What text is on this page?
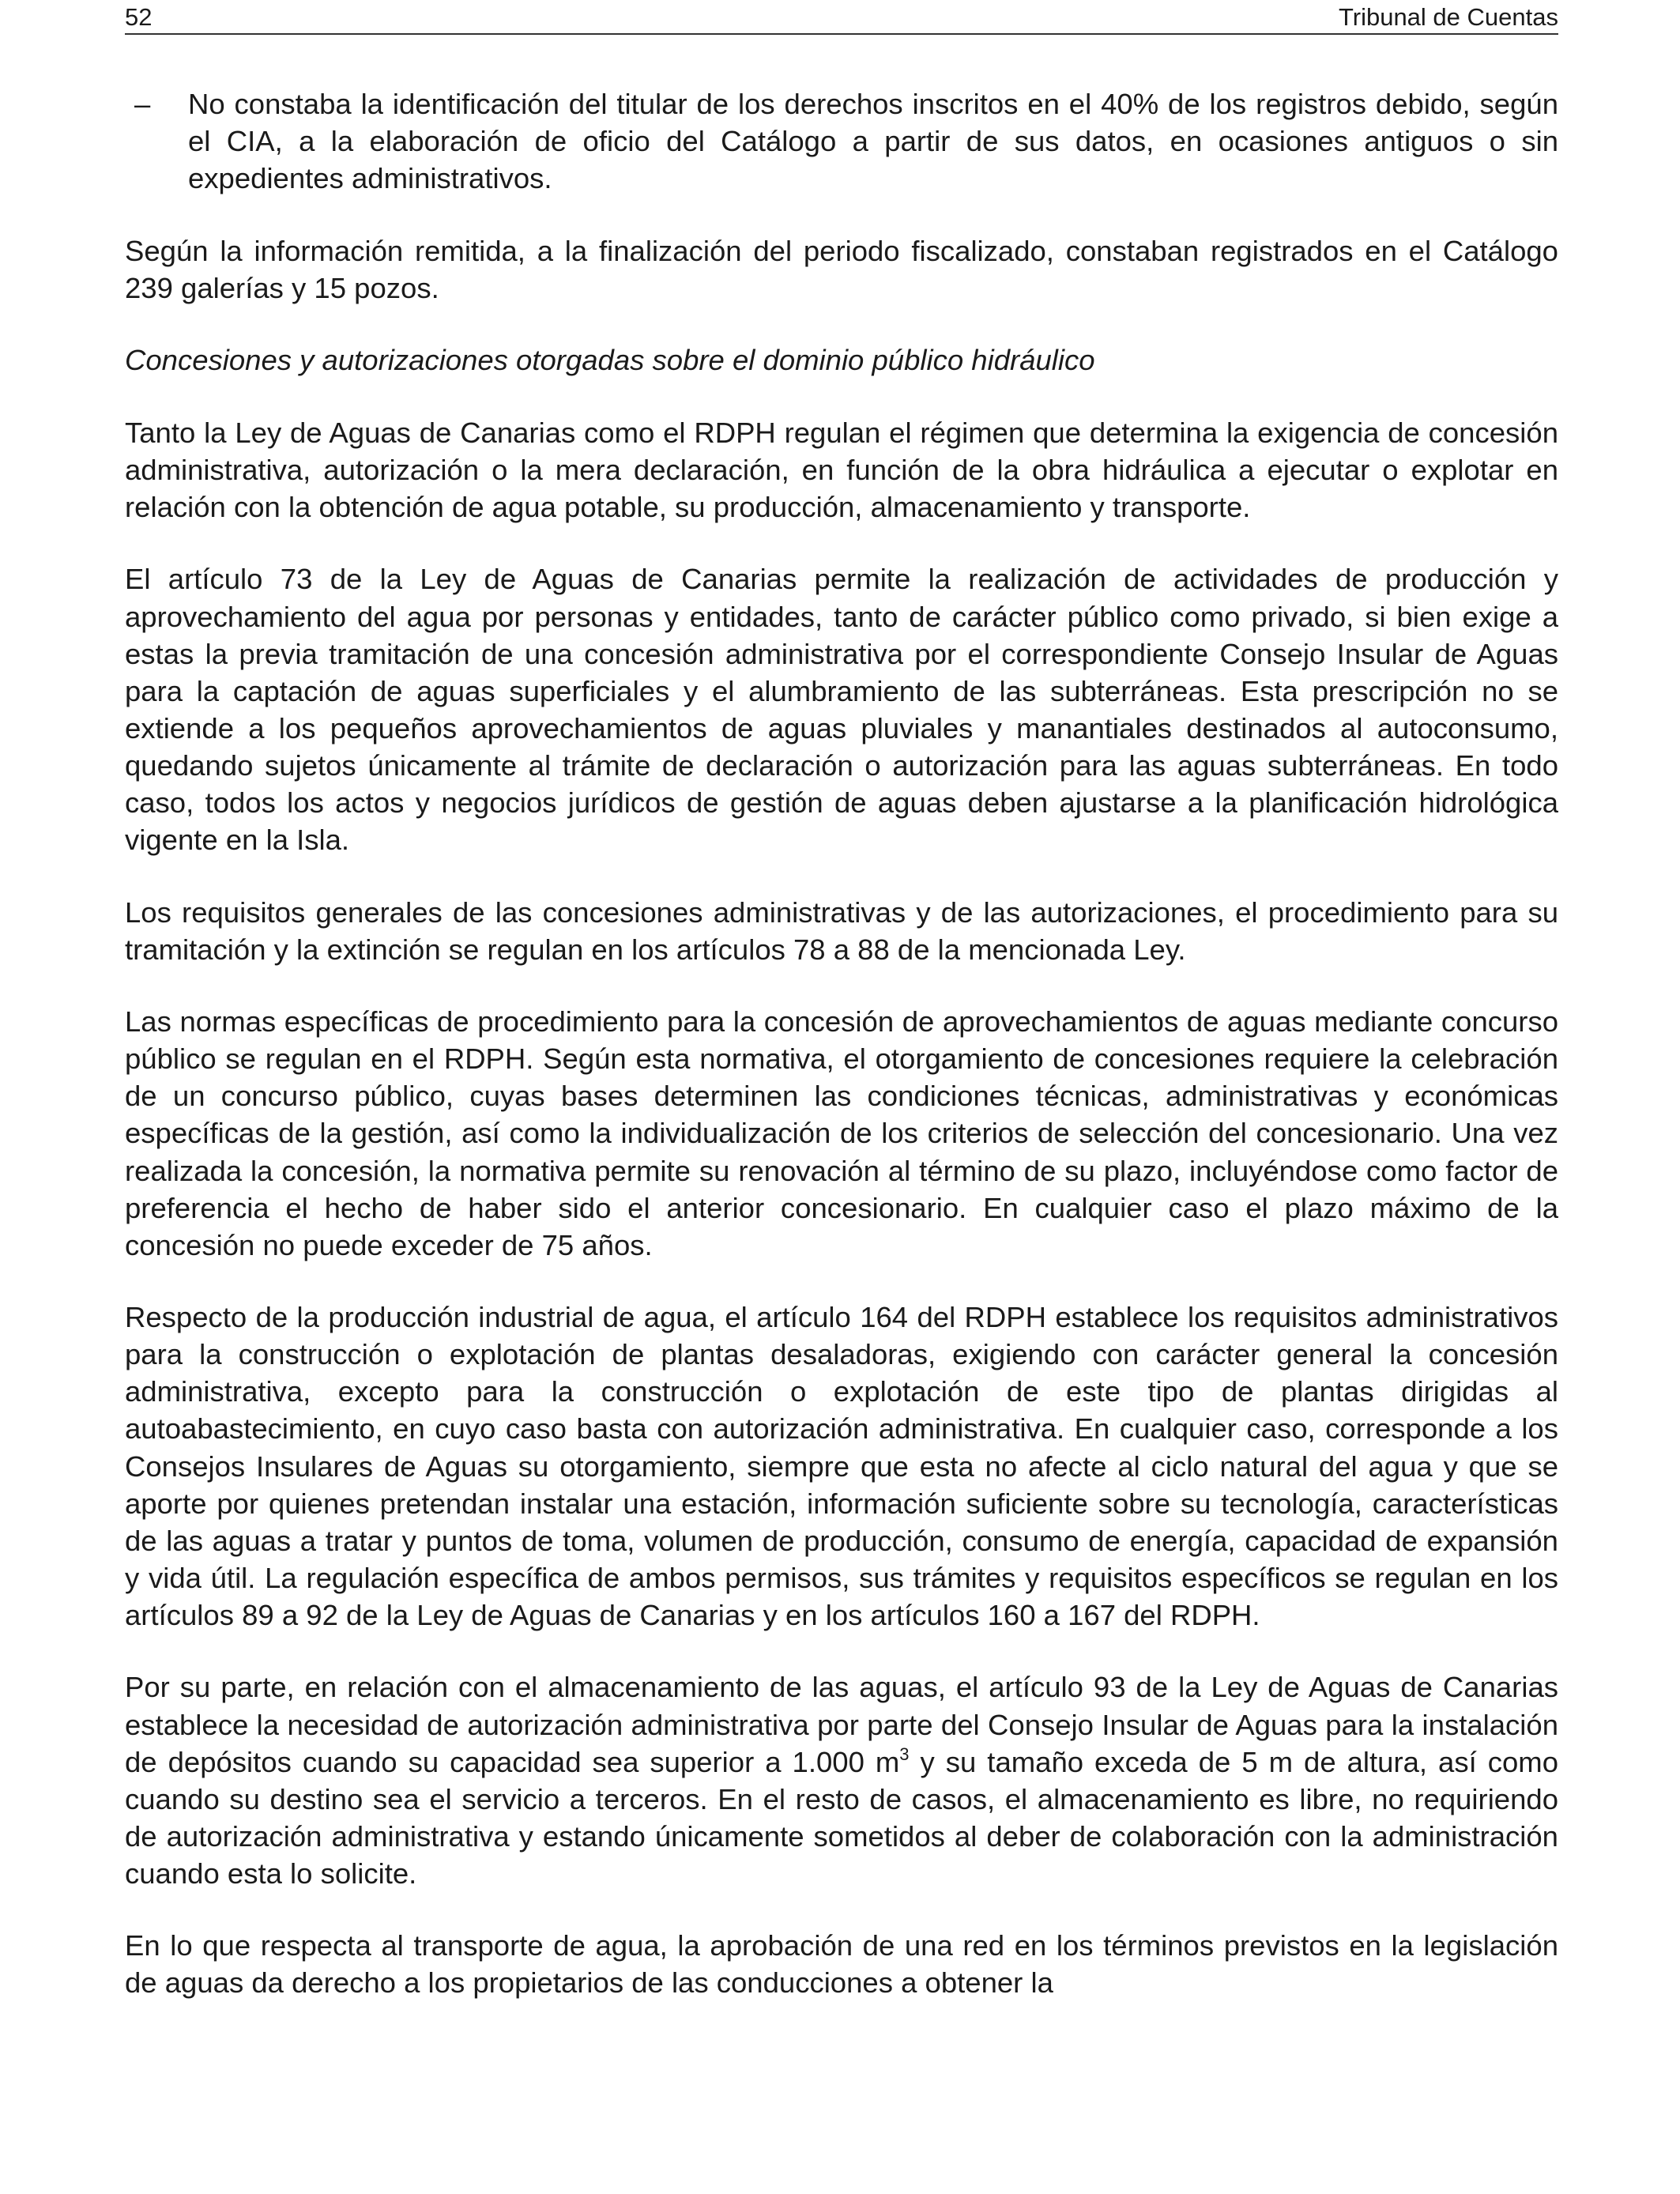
52	Tribunal de Cuentas
– No constaba la identificación del titular de los derechos inscritos en el 40% de los registros debido, según el CIA, a la elaboración de oficio del Catálogo a partir de sus datos, en ocasiones antiguos o sin expedientes administrativos.

Según la información remitida, a la finalización del periodo fiscalizado, constaban registrados en el Catálogo 239 galerías y 15 pozos.

Concesiones y autorizaciones otorgadas sobre el dominio público hidráulico

Tanto la Ley de Aguas de Canarias como el RDPH regulan el régimen que determina la exigencia de concesión administrativa, autorización o la mera declaración, en función de la obra hidráulica a ejecutar o explotar en relación con la obtención de agua potable, su producción, almacenamiento y transporte.

El artículo 73 de la Ley de Aguas de Canarias permite la realización de actividades de producción y aprovechamiento del agua por personas y entidades, tanto de carácter público como privado, si bien exige a estas la previa tramitación de una concesión administrativa por el correspondiente Consejo Insular de Aguas para la captación de aguas superficiales y el alumbramiento de las subterráneas. Esta prescripción no se extiende a los pequeños aprovechamientos de aguas pluviales y manantiales destinados al autoconsumo, quedando sujetos únicamente al trámite de declaración o autorización para las aguas subterráneas. En todo caso, todos los actos y negocios jurídicos de gestión de aguas deben ajustarse a la planificación hidrológica vigente en la Isla.

Los requisitos generales de las concesiones administrativas y de las autorizaciones, el procedimiento para su tramitación y la extinción se regulan en los artículos 78 a 88 de la mencionada Ley.

Las normas específicas de procedimiento para la concesión de aprovechamientos de aguas mediante concurso público se regulan en el RDPH. Según esta normativa, el otorgamiento de concesiones requiere la celebración de un concurso público, cuyas bases determinen las condiciones técnicas, administrativas y económicas específicas de la gestión, así como la individualización de los criterios de selección del concesionario. Una vez realizada la concesión, la normativa permite su renovación al término de su plazo, incluyéndose como factor de preferencia el hecho de haber sido el anterior concesionario. En cualquier caso el plazo máximo de la concesión no puede exceder de 75 años.

Respecto de la producción industrial de agua, el artículo 164 del RDPH establece los requisitos administrativos para la construcción o explotación de plantas desaladoras, exigiendo con carácter general la concesión administrativa, excepto para la construcción o explotación de este tipo de plantas dirigidas al autoabastecimiento, en cuyo caso basta con autorización administrativa. En cualquier caso, corresponde a los Consejos Insulares de Aguas su otorgamiento, siempre que esta no afecte al ciclo natural del agua y que se aporte por quienes pretendan instalar una estación, información suficiente sobre su tecnología, características de las aguas a tratar y puntos de toma, volumen de producción, consumo de energía, capacidad de expansión y vida útil. La regulación específica de ambos permisos, sus trámites y requisitos específicos se regulan en los artículos 89 a 92 de la Ley de Aguas de Canarias y en los artículos 160 a 167 del RDPH.

Por su parte, en relación con el almacenamiento de las aguas, el artículo 93 de la Ley de Aguas de Canarias establece la necesidad de autorización administrativa por parte del Consejo Insular de Aguas para la instalación de depósitos cuando su capacidad sea superior a 1.000 $m^3$ y su tamaño exceda de 5 m de altura, así como cuando su destino sea el servicio a terceros. En el resto de casos, el almacenamiento es libre, no requiriendo de autorización administrativa y estando únicamente sometidos al deber de colaboración con la administración cuando esta lo solicite.

En lo que respecta al transporte de agua, la aprobación de una red en los términos previstos en la legislación de aguas da derecho a los propietarios de las conducciones a obtener la
